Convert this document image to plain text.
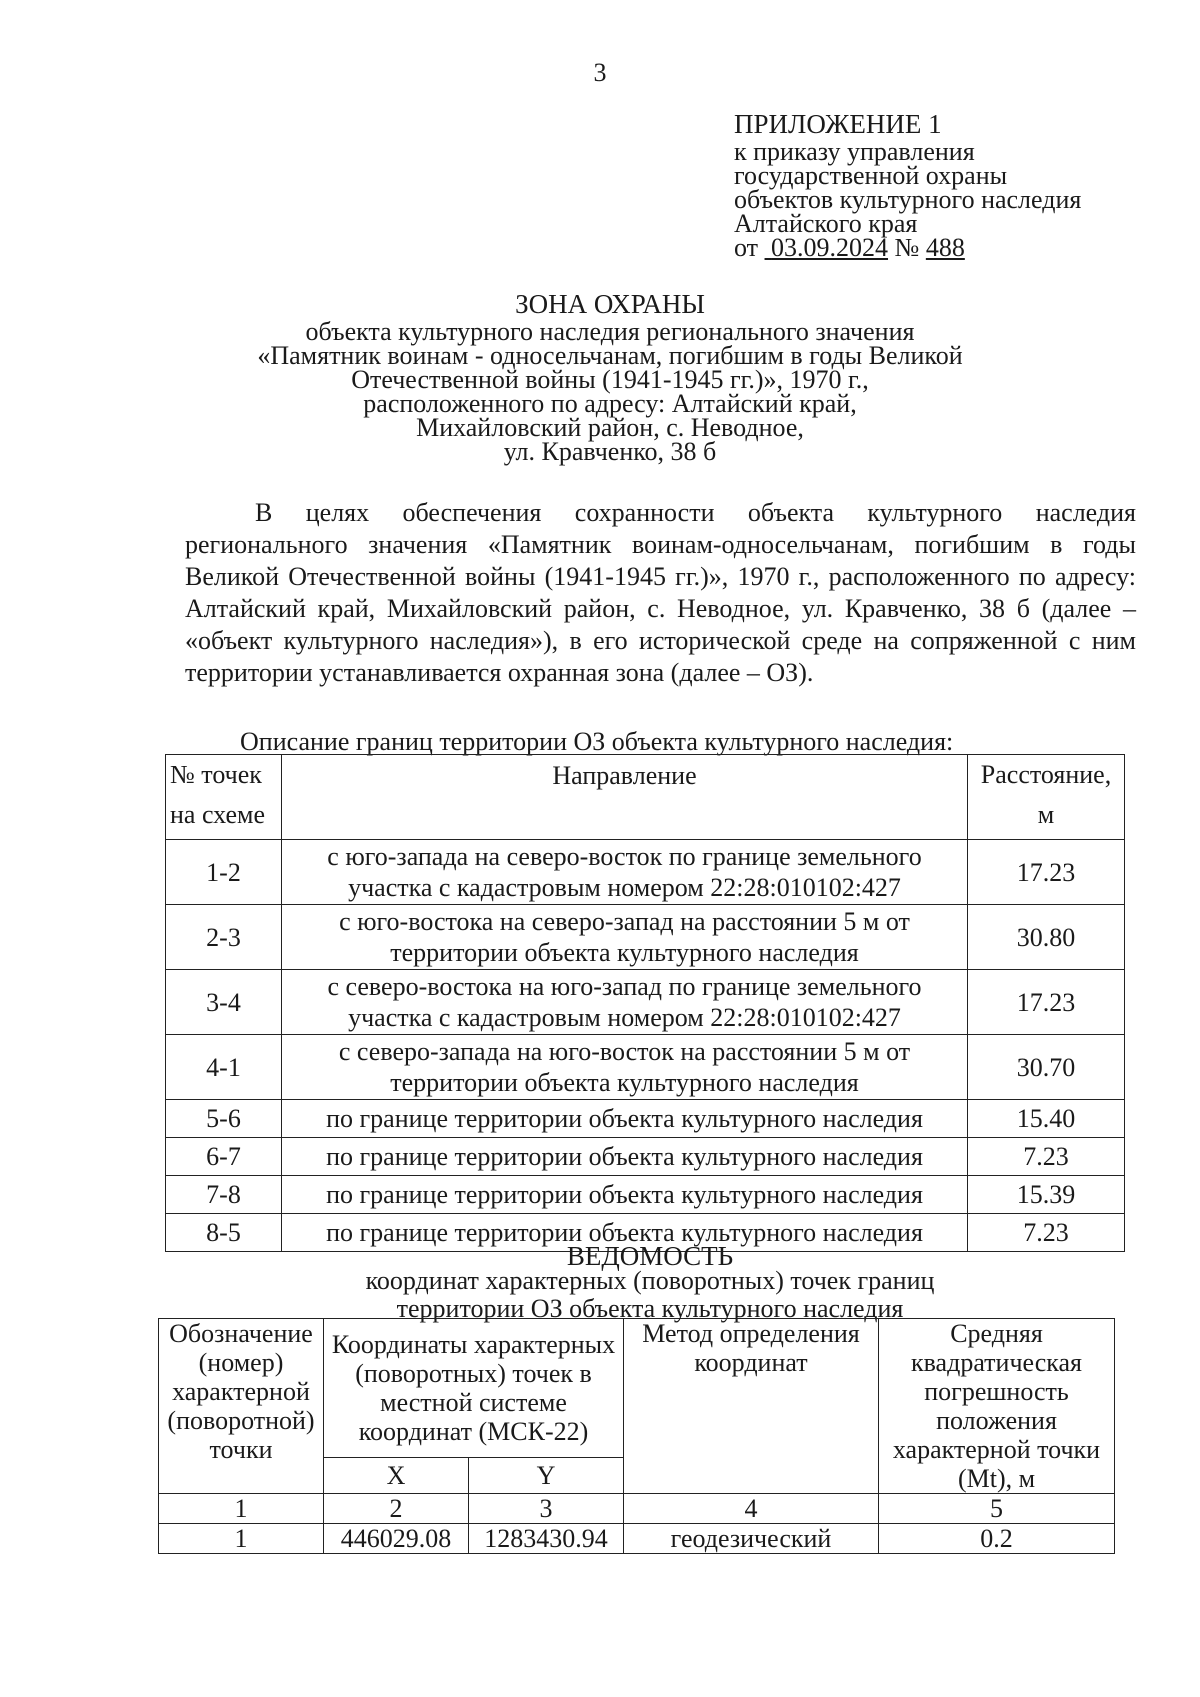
3
ПРИЛОЖЕНИЕ 1
к приказу управления
государственной охраны
объектов культурного наследия
Алтайского края
от 03.09.2024 № 488
ЗОНА ОХРАНЫ
объекта культурного наследия регионального значения
«Памятник воинам - односельчанам, погибшим в годы Великой
Отечественной войны (1941-1945 гг.)», 1970 г.,
расположенного по адресу: Алтайский край,
Михайловский район, с. Неводное,
ул. Кравченко, 38 б
В целях обеспечения сохранности объекта культурного наследия регионального значения «Памятник воинам-односельчанам, погибшим в годы Великой Отечественной войны (1941-1945 гг.)», 1970 г., расположенного по адресу: Алтайский край, Михайловский район, с. Неводное, ул. Кравченко, 38 б (далее – «объект культурного наследия»), в его исторической среде на сопряженной с ним территории устанавливается охранная зона (далее – ОЗ).
Описание границ территории ОЗ объекта культурного наследия:
№ точек
на схеме	Направление	Расстояние,
м
1-2	с юго-запада на северо-восток по границе земельного участка с кадастровым номером 22:28:010102:427	17.23
2-3	с юго-востока на северо-запад на расстоянии 5 м от территории объекта культурного наследия	30.80
3-4	с северо-востока на юго-запад по границе земельного участка с кадастровым номером 22:28:010102:427	17.23
4-1	с северо-запада на юго-восток на расстоянии 5 м от территории объекта культурного наследия	30.70
5-6	по границе территории объекта культурного наследия	15.40
6-7	по границе территории объекта культурного наследия	7.23
7-8	по границе территории объекта культурного наследия	15.39
8-5	по границе территории объекта культурного наследия	7.23
ВЕДОМОСТЬ
координат характерных (поворотных) точек границ
территории ОЗ объекта культурного наследия
Обозначение (номер) характерной (поворотной) точки	Координаты характерных (поворотных) точек в местной системе координат (МСК-22)		Метод определения координат	Средняя квадратическая погрешность положения характерной точки (Mt), м
	X	Y		
1	2	3	4	5
1	446029.08	1283430.94	геодезический	0.2
